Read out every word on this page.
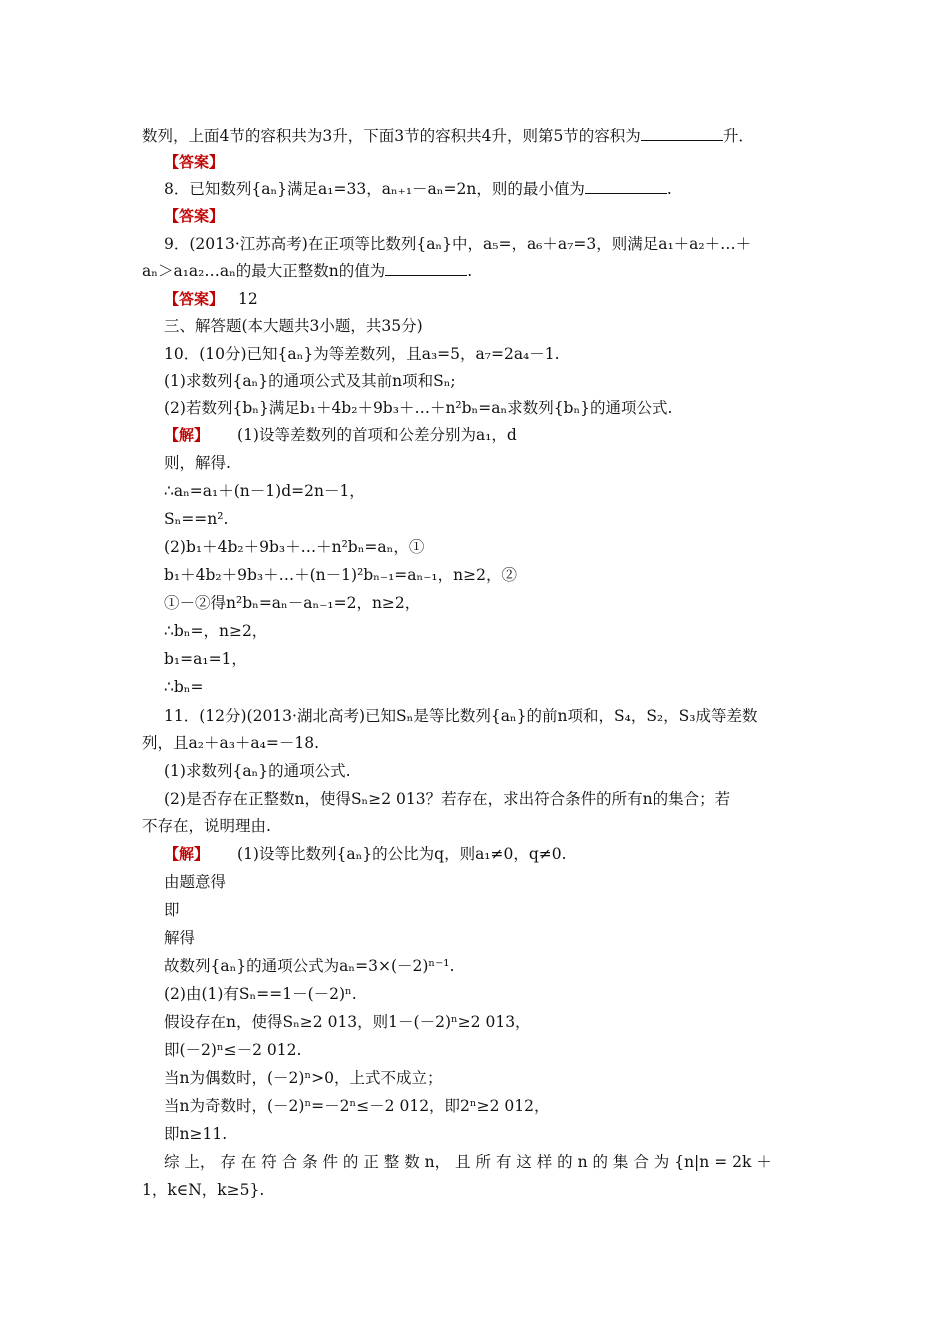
数列，上面4节的容积共为3升，下面3节的容积共4升，则第5节的容积为	升．
【答案】
8．已知数列{aₙ}满足a₁=33，aₙ₊₁－aₙ=2n，则的最小值为	.
【答案】
9．(2013·江苏高考)在正项等比数列{aₙ}中，a₅=，a₆＋a₇=3，则满足a₁＋a₂＋…＋
aₙ＞a₁a₂…aₙ的最大正整数n的值为	.
【答案】 12
三、解答题(本大题共3小题，共35分)
10．(10分)已知{aₙ}为等差数列，且a₃=5，a₇=2a₄－1.
(1)求数列{aₙ}的通项公式及其前n项和Sₙ;
(2)若数列{bₙ}满足b₁＋4b₂＋9b₃＋…＋n²bₙ=aₙ求数列{bₙ}的通项公式.
【解】 (1)设等差数列的首项和公差分别为a₁，d
则，解得.
∴aₙ=a₁＋(n－1)d=2n－1，
Sₙ==n².
(2)b₁＋4b₂＋9b₃＋…＋n²bₙ=aₙ，①
b₁＋4b₂＋9b₃＋…＋(n－1)²bₙ₋₁=aₙ₋₁，n≥2，②
①－②得n²bₙ=aₙ－aₙ₋₁=2，n≥2，
∴bₙ=，n≥2，
b₁=a₁=1，
∴bₙ=
11．(12分)(2013·湖北高考)已知Sₙ是等比数列{aₙ}的前n项和，S₄，S₂，S₃成等差数
列，且a₂＋a₃＋a₄=－18.
(1)求数列{aₙ}的通项公式.
(2)是否存在正整数n，使得Sₙ≥2 013？若存在，求出符合条件的所有n的集合；若
不存在，说明理由.
【解】 (1)设等比数列{aₙ}的公比为q，则a₁≠0，q≠0.
由题意得
即
解得
故数列{aₙ}的通项公式为aₙ=3×(－2)ⁿ⁻¹.
(2)由(1)有Sₙ==1－(－2)ⁿ.
假设存在n，使得Sₙ≥2 013，则1－(－2)ⁿ≥2 013，
即(－2)ⁿ≤－2 012.
当n为偶数时，(－2)ⁿ>0，上式不成立；
当n为奇数时，(－2)ⁿ=－2ⁿ≤－2 012，即2ⁿ≥2 012，
即n≥11.
综 上， 存 在 符 合 条 件 的 正 整 数 n， 且 所 有 这 样 的 n 的 集 合 为 {n|n = 2k ＋
1，k∈N，k≥5}.
